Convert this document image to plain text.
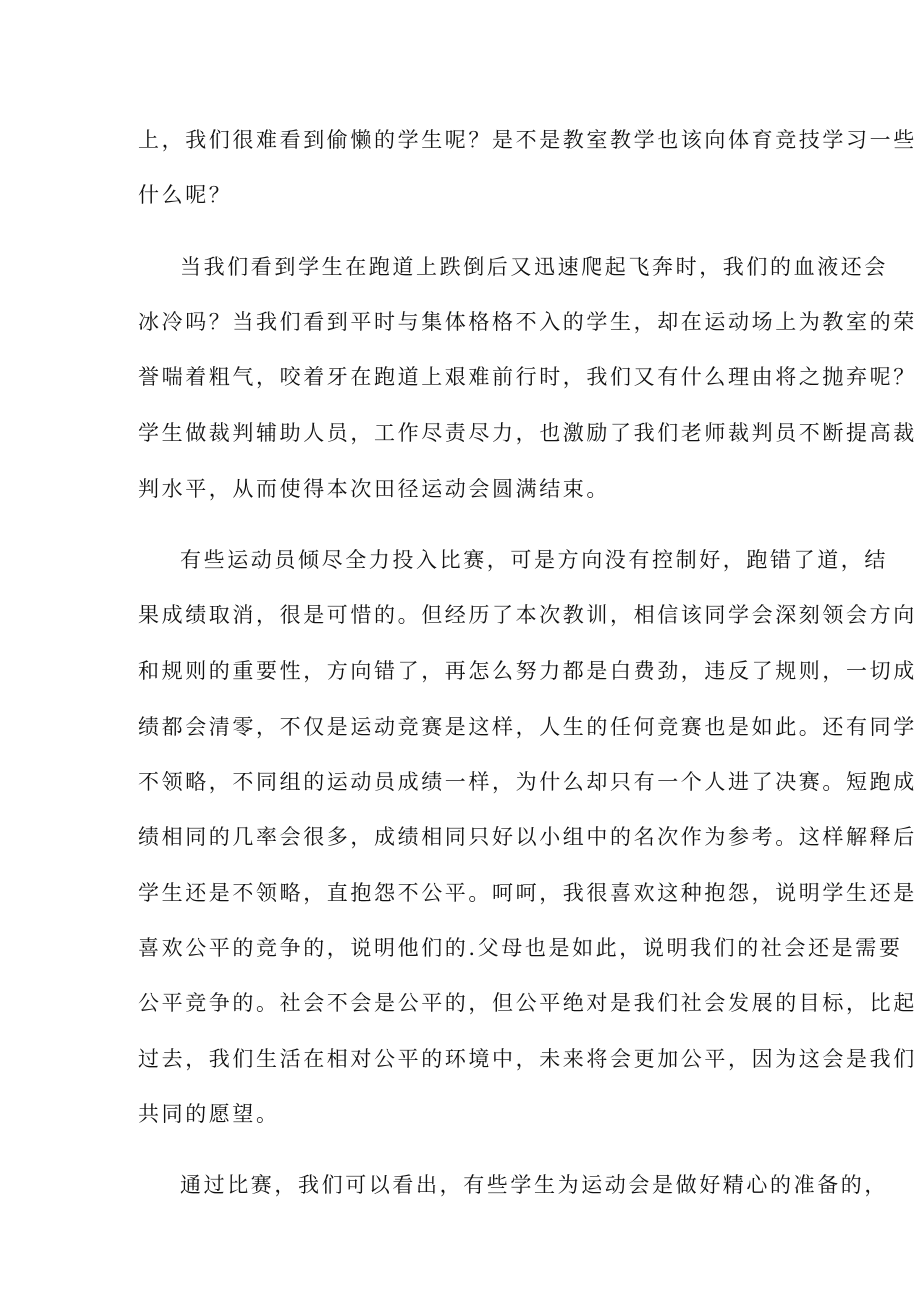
上，我们很难看到偷懒的学生呢？是不是教室教学也该向体育竞技学习一些
什么呢？
当我们看到学生在跑道上跌倒后又迅速爬起飞奔时，我们的血液还会
冰冷吗？当我们看到平时与集体格格不入的学生，却在运动场上为教室的荣
誉喘着粗气，咬着牙在跑道上艰难前行时，我们又有什么理由将之抛弃呢？
学生做裁判辅助人员，工作尽责尽力，也激励了我们老师裁判员不断提高裁
判水平，从而使得本次田径运动会圆满结束。
有些运动员倾尽全力投入比赛，可是方向没有控制好，跑错了道，结
果成绩取消，很是可惜的。但经历了本次教训，相信该同学会深刻领会方向
和规则的重要性，方向错了，再怎么努力都是白费劲，违反了规则，一切成
绩都会清零，不仅是运动竞赛是这样，人生的任何竞赛也是如此。还有同学
不领略，不同组的运动员成绩一样，为什么却只有一个人进了决赛。短跑成
绩相同的几率会很多，成绩相同只好以小组中的名次作为参考。这样解释后
学生还是不领略，直抱怨不公平。呵呵，我很喜欢这种抱怨，说明学生还是
喜欢公平的竞争的，说明他们的.父母也是如此，说明我们的社会还是需要
公平竞争的。社会不会是公平的，但公平绝对是我们社会发展的目标，比起
过去，我们生活在相对公平的环境中，未来将会更加公平，因为这会是我们
共同的愿望。
通过比赛，我们可以看出，有些学生为运动会是做好精心的准备的，
